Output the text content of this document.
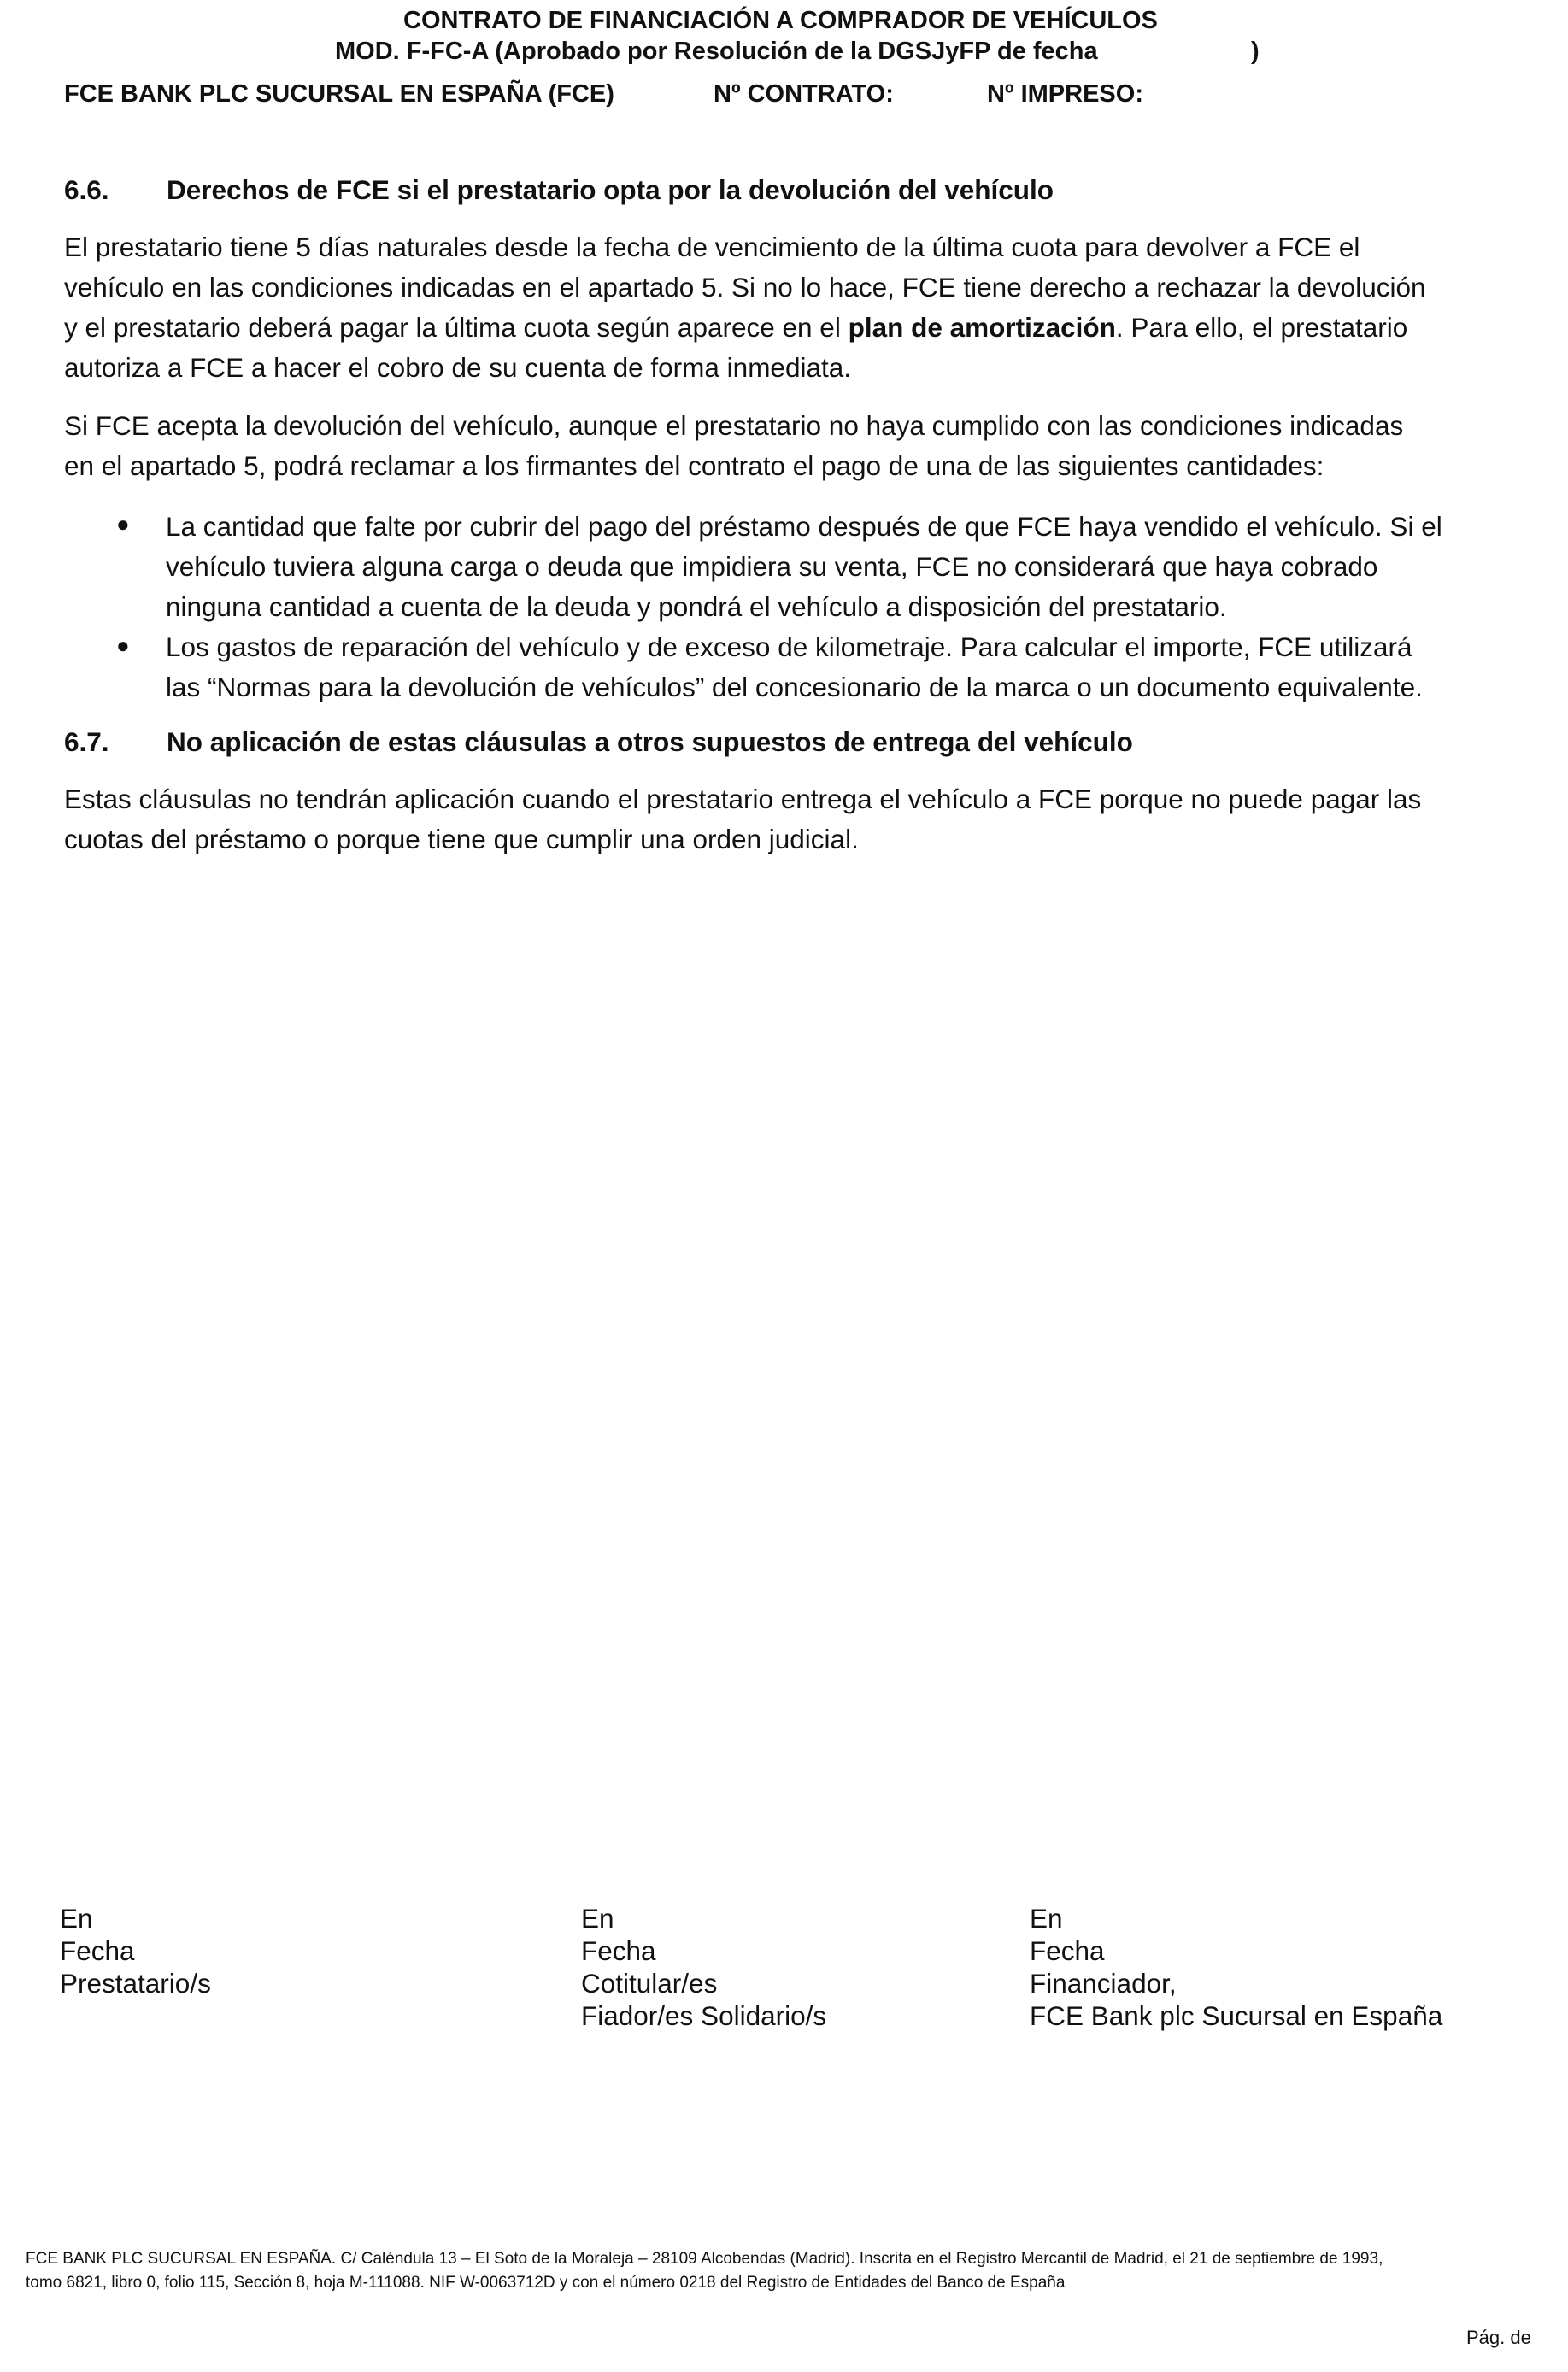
CONTRATO DE FINANCIACIÓN A COMPRADOR DE VEHÍCULOS
MOD. F-FC-A (Aprobado por Resolución de la DGSJyFP de fecha	)
FCE BANK PLC SUCURSAL EN ESPAÑA (FCE)	Nº CONTRATO:	Nº IMPRESO:
6.6. Derechos de FCE si el prestatario opta por la devolución del vehículo
El prestatario tiene 5 días naturales desde la fecha de vencimiento de la última cuota para devolver a FCE el
vehículo en las condiciones indicadas en el apartado 5. Si no lo hace, FCE tiene derecho a rechazar la devolución
y el prestatario deberá pagar la última cuota según aparece en el plan de amortización. Para ello, el prestatario
autoriza a FCE a hacer el cobro de su cuenta de forma inmediata.
Si FCE acepta la devolución del vehículo, aunque el prestatario no haya cumplido con las condiciones indicadas
en el apartado 5, podrá reclamar a los firmantes del contrato el pago de una de las siguientes cantidades:
● La cantidad que falte por cubrir del pago del préstamo después de que FCE haya vendido el vehículo. Si el
vehículo tuviera alguna carga o deuda que impidiera su venta, FCE no considerará que haya cobrado
ninguna cantidad a cuenta de la deuda y pondrá el vehículo a disposición del prestatario.
● Los gastos de reparación del vehículo y de exceso de kilometraje. Para calcular el importe, FCE utilizará
las “Normas para la devolución de vehículos” del concesionario de la marca o un documento equivalente.
6.7. No aplicación de estas cláusulas a otros supuestos de entrega del vehículo
Estas cláusulas no tendrán aplicación cuando el prestatario entrega el vehículo a FCE porque no puede pagar las
cuotas del préstamo o porque tiene que cumplir una orden judicial.
En
Fecha
Prestatario/s
En
Fecha
Cotitular/es
Fiador/es Solidario/s
En
Fecha
Financiador,
FCE Bank plc Sucursal en España
FCE BANK PLC SUCURSAL EN ESPAÑA. C/ Caléndula 13 – El Soto de la Moraleja – 28109 Alcobendas (Madrid). Inscrita en el Registro Mercantil de Madrid, el 21 de septiembre de 1993,
tomo 6821, libro 0, folio 115, Sección 8, hoja M-111088. NIF W-0063712D y con el número 0218 del Registro de Entidades del Banco de España
Pág. de
